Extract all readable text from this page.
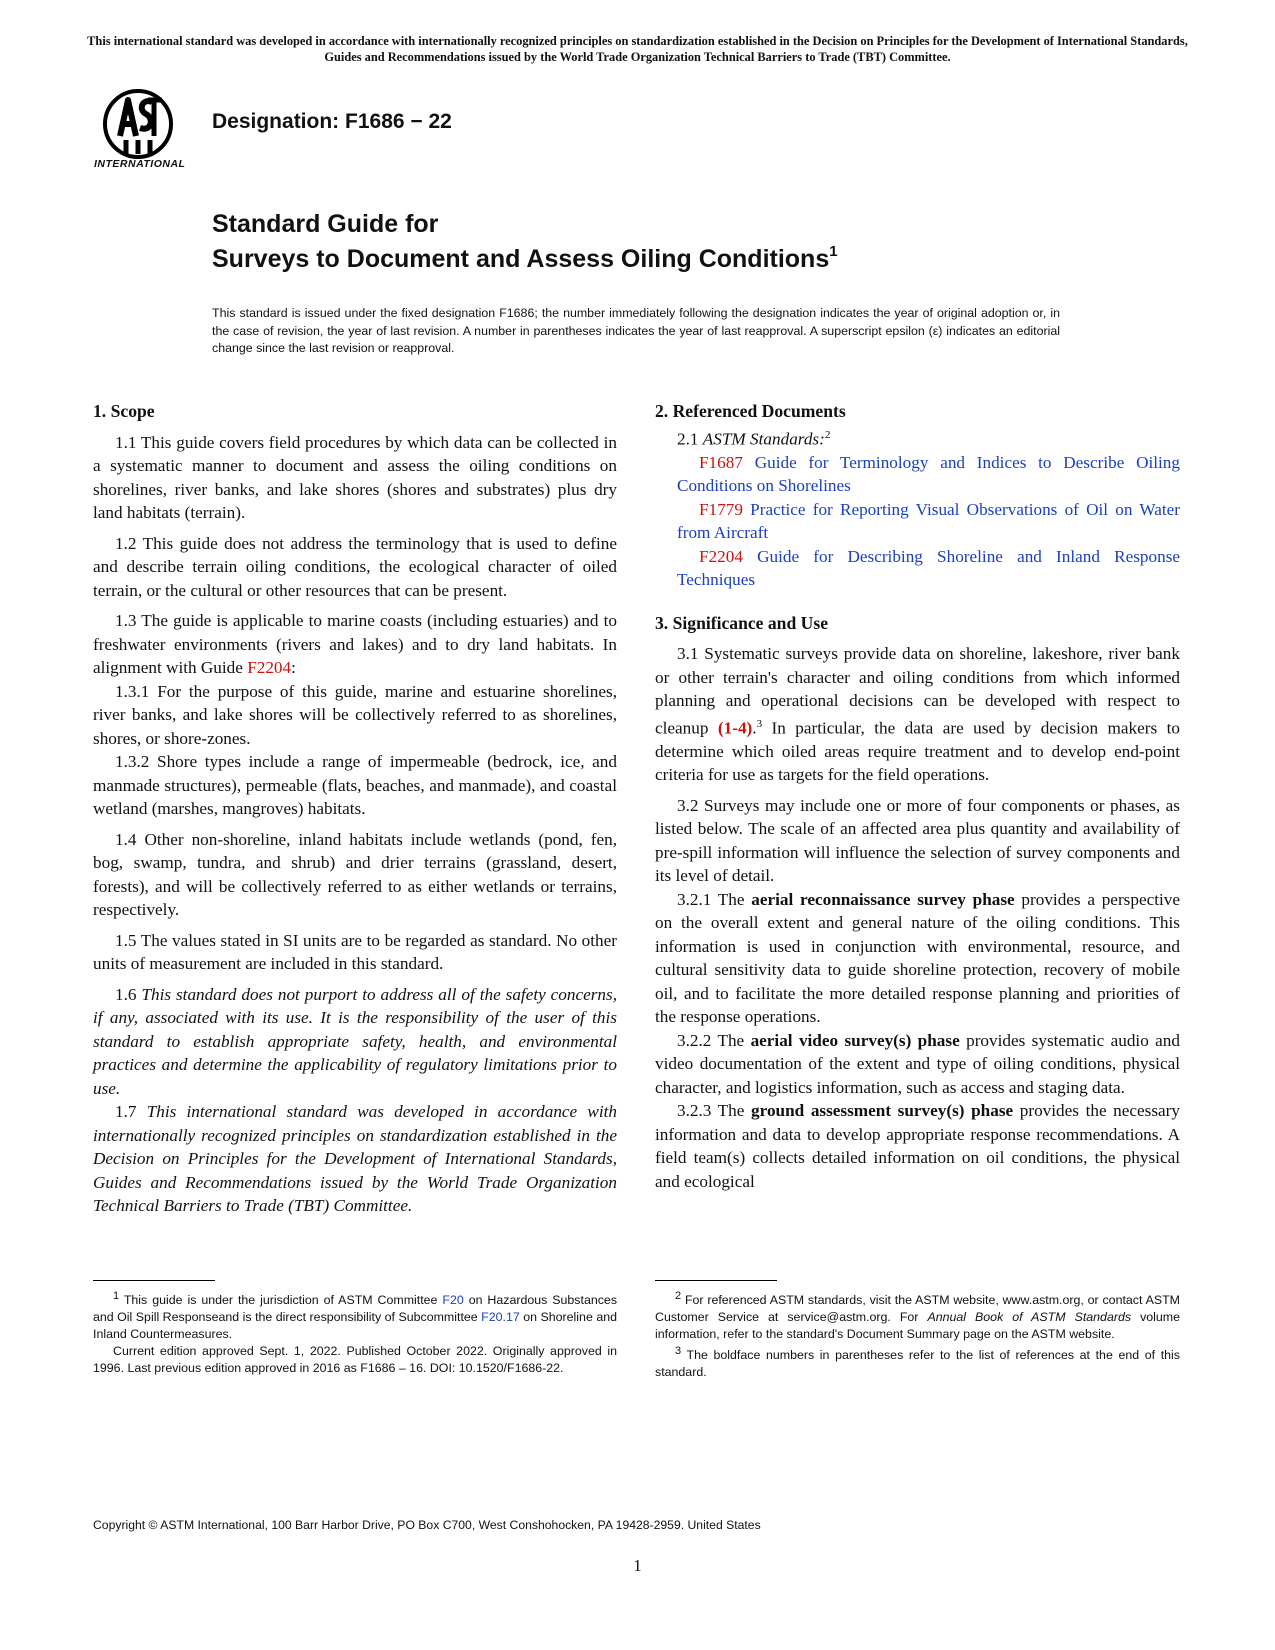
This international standard was developed in accordance with internationally recognized principles on standardization established in the Decision on Principles for the Development of International Standards, Guides and Recommendations issued by the World Trade Organization Technical Barriers to Trade (TBT) Committee.
INTERNATIONAL
Designation: F1686 − 22
Standard Guide for
Surveys to Document and Assess Oiling Conditions$^1$
This standard is issued under the fixed designation F1686; the number immediately following the designation indicates the year of original adoption or, in the case of revision, the year of last revision. A number in parentheses indicates the year of last reapproval. A superscript epsilon (ε) indicates an editorial change since the last revision or reapproval.
1. Scope

1.1 This guide covers field procedures by which data can be collected in a systematic manner to document and assess the oiling conditions on shorelines, river banks, and lake shores (shores and substrates) plus dry land habitats (terrain).

1.2 This guide does not address the terminology that is used to define and describe terrain oiling conditions, the ecological character of oiled terrain, or the cultural or other resources that can be present.

1.3 The guide is applicable to marine coasts (including estuaries) and to freshwater environments (rivers and lakes) and to dry land habitats. In alignment with Guide F2204:

1.3.1 For the purpose of this guide, marine and estuarine shorelines, river banks, and lake shores will be collectively referred to as shorelines, shores, or shore-zones.

1.3.2 Shore types include a range of impermeable (bedrock, ice, and manmade structures), permeable (flats, beaches, and manmade), and coastal wetland (marshes, mangroves) habitats.

1.4 Other non-shoreline, inland habitats include wetlands (pond, fen, bog, swamp, tundra, and shrub) and drier terrains (grassland, desert, forests), and will be collectively referred to as either wetlands or terrains, respectively.

1.5 The values stated in SI units are to be regarded as standard. No other units of measurement are included in this standard.

1.6 This standard does not purport to address all of the safety concerns, if any, associated with its use. It is the responsibility of the user of this standard to establish appropriate safety, health, and environmental practices and determine the applicability of regulatory limitations prior to use.

1.7 This international standard was developed in accordance with internationally recognized principles on standardization established in the Decision on Principles for the Development of International Standards, Guides and Recommendations issued by the World Trade Organization Technical Barriers to Trade (TBT) Committee.

2. Referenced Documents

2.1 ASTM Standards:$^2$

F1687 Guide for Terminology and Indices to Describe Oiling Conditions on Shorelines

F1779 Practice for Reporting Visual Observations of Oil on Water from Aircraft

F2204 Guide for Describing Shoreline and Inland Response Techniques

3. Significance and Use

3.1 Systematic surveys provide data on shoreline, lakeshore, river bank or other terrain's character and oiling conditions from which informed planning and operational decisions can be developed with respect to cleanup (1-4).$^3$ In particular, the data are used by decision makers to determine which oiled areas require treatment and to develop end-point criteria for use as targets for the field operations.

3.2 Surveys may include one or more of four components or phases, as listed below. The scale of an affected area plus quantity and availability of pre-spill information will influence the selection of survey components and its level of detail.

3.2.1 The aerial reconnaissance survey phase provides a perspective on the overall extent and general nature of the oiling conditions. This information is used in conjunction with environmental, resource, and cultural sensitivity data to guide shoreline protection, recovery of mobile oil, and to facilitate the more detailed response planning and priorities of the response operations.

3.2.2 The aerial video survey(s) phase provides systematic audio and video documentation of the extent and type of oiling conditions, physical character, and logistics information, such as access and staging data.

3.2.3 The ground assessment survey(s) phase provides the necessary information and data to develop appropriate response recommendations. A field team(s) collects detailed information on oil conditions, the physical and ecological

$^1$ This guide is under the jurisdiction of ASTM Committee F20 on Hazardous Substances and Oil Spill Responseand is the direct responsibility of Subcommittee F20.17 on Shoreline and Inland Countermeasures.

Current edition approved Sept. 1, 2022. Published October 2022. Originally approved in 1996. Last previous edition approved in 2016 as F1686 – 16. DOI: 10.1520/F1686-22.

$^2$ For referenced ASTM standards, visit the ASTM website, www.astm.org, or contact ASTM Customer Service at service@astm.org. For Annual Book of ASTM Standards volume information, refer to the standard's Document Summary page on the ASTM website.

$^3$ The boldface numbers in parentheses refer to the list of references at the end of this standard.

Copyright © ASTM International, 100 Barr Harbor Drive, PO Box C700, West Conshohocken, PA 19428-2959. United States
1
